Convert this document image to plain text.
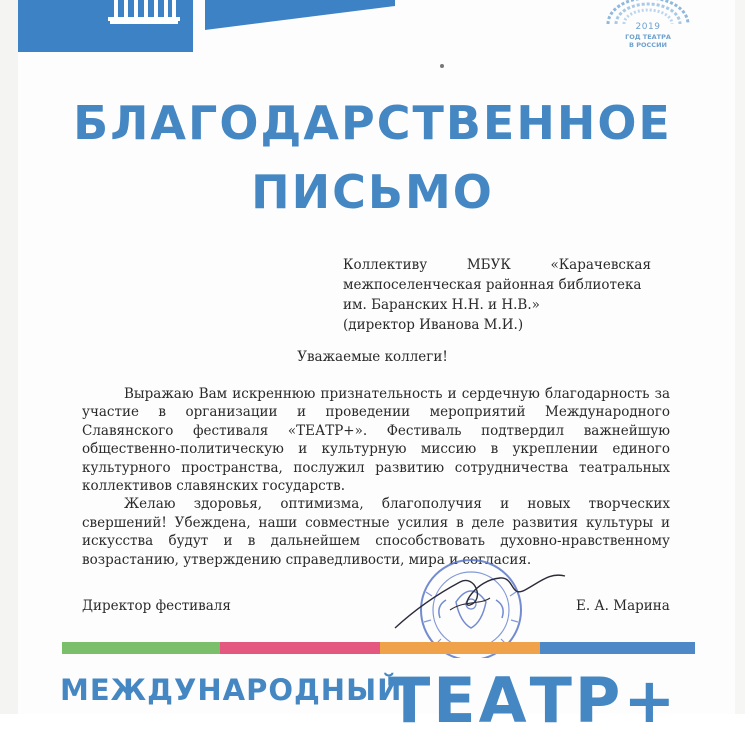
2019
ГОД ТЕАТРА
В РОССИИ
БЛАГОДАРСТВЕННОЕ
ПИСЬМО
Коллективу МБУК «Карачевская
межпоселенческая районная библиотека
им. Баранских Н.Н. и Н.В.»
(директор Иванова М.И.)
Уважаемые коллеги!

Выражаю Вам искреннюю признательность и сердечную благодарность за участие в организации и проведении мероприятий Международного Славянского фестиваля «ТЕАТР+». Фестиваль подтвердил важнейшую общественно-политическую и культурную миссию в укреплении единого культурного пространства, послужил развитию сотрудничества театральных коллективов славянских государств.

Желаю здоровья, оптимизма, благополучия и новых творческих свершений! Убеждена, наши совместные усилия в деле развития культуры и искусства будут и в дальнейшем способствовать духовно-нравственному возрастанию, утверждению справедливости, мира и согласия.

Директор фестиваля	Е. А. Марина
МЕЖДУНАРОДНЫЙ
ТЕАТР+
